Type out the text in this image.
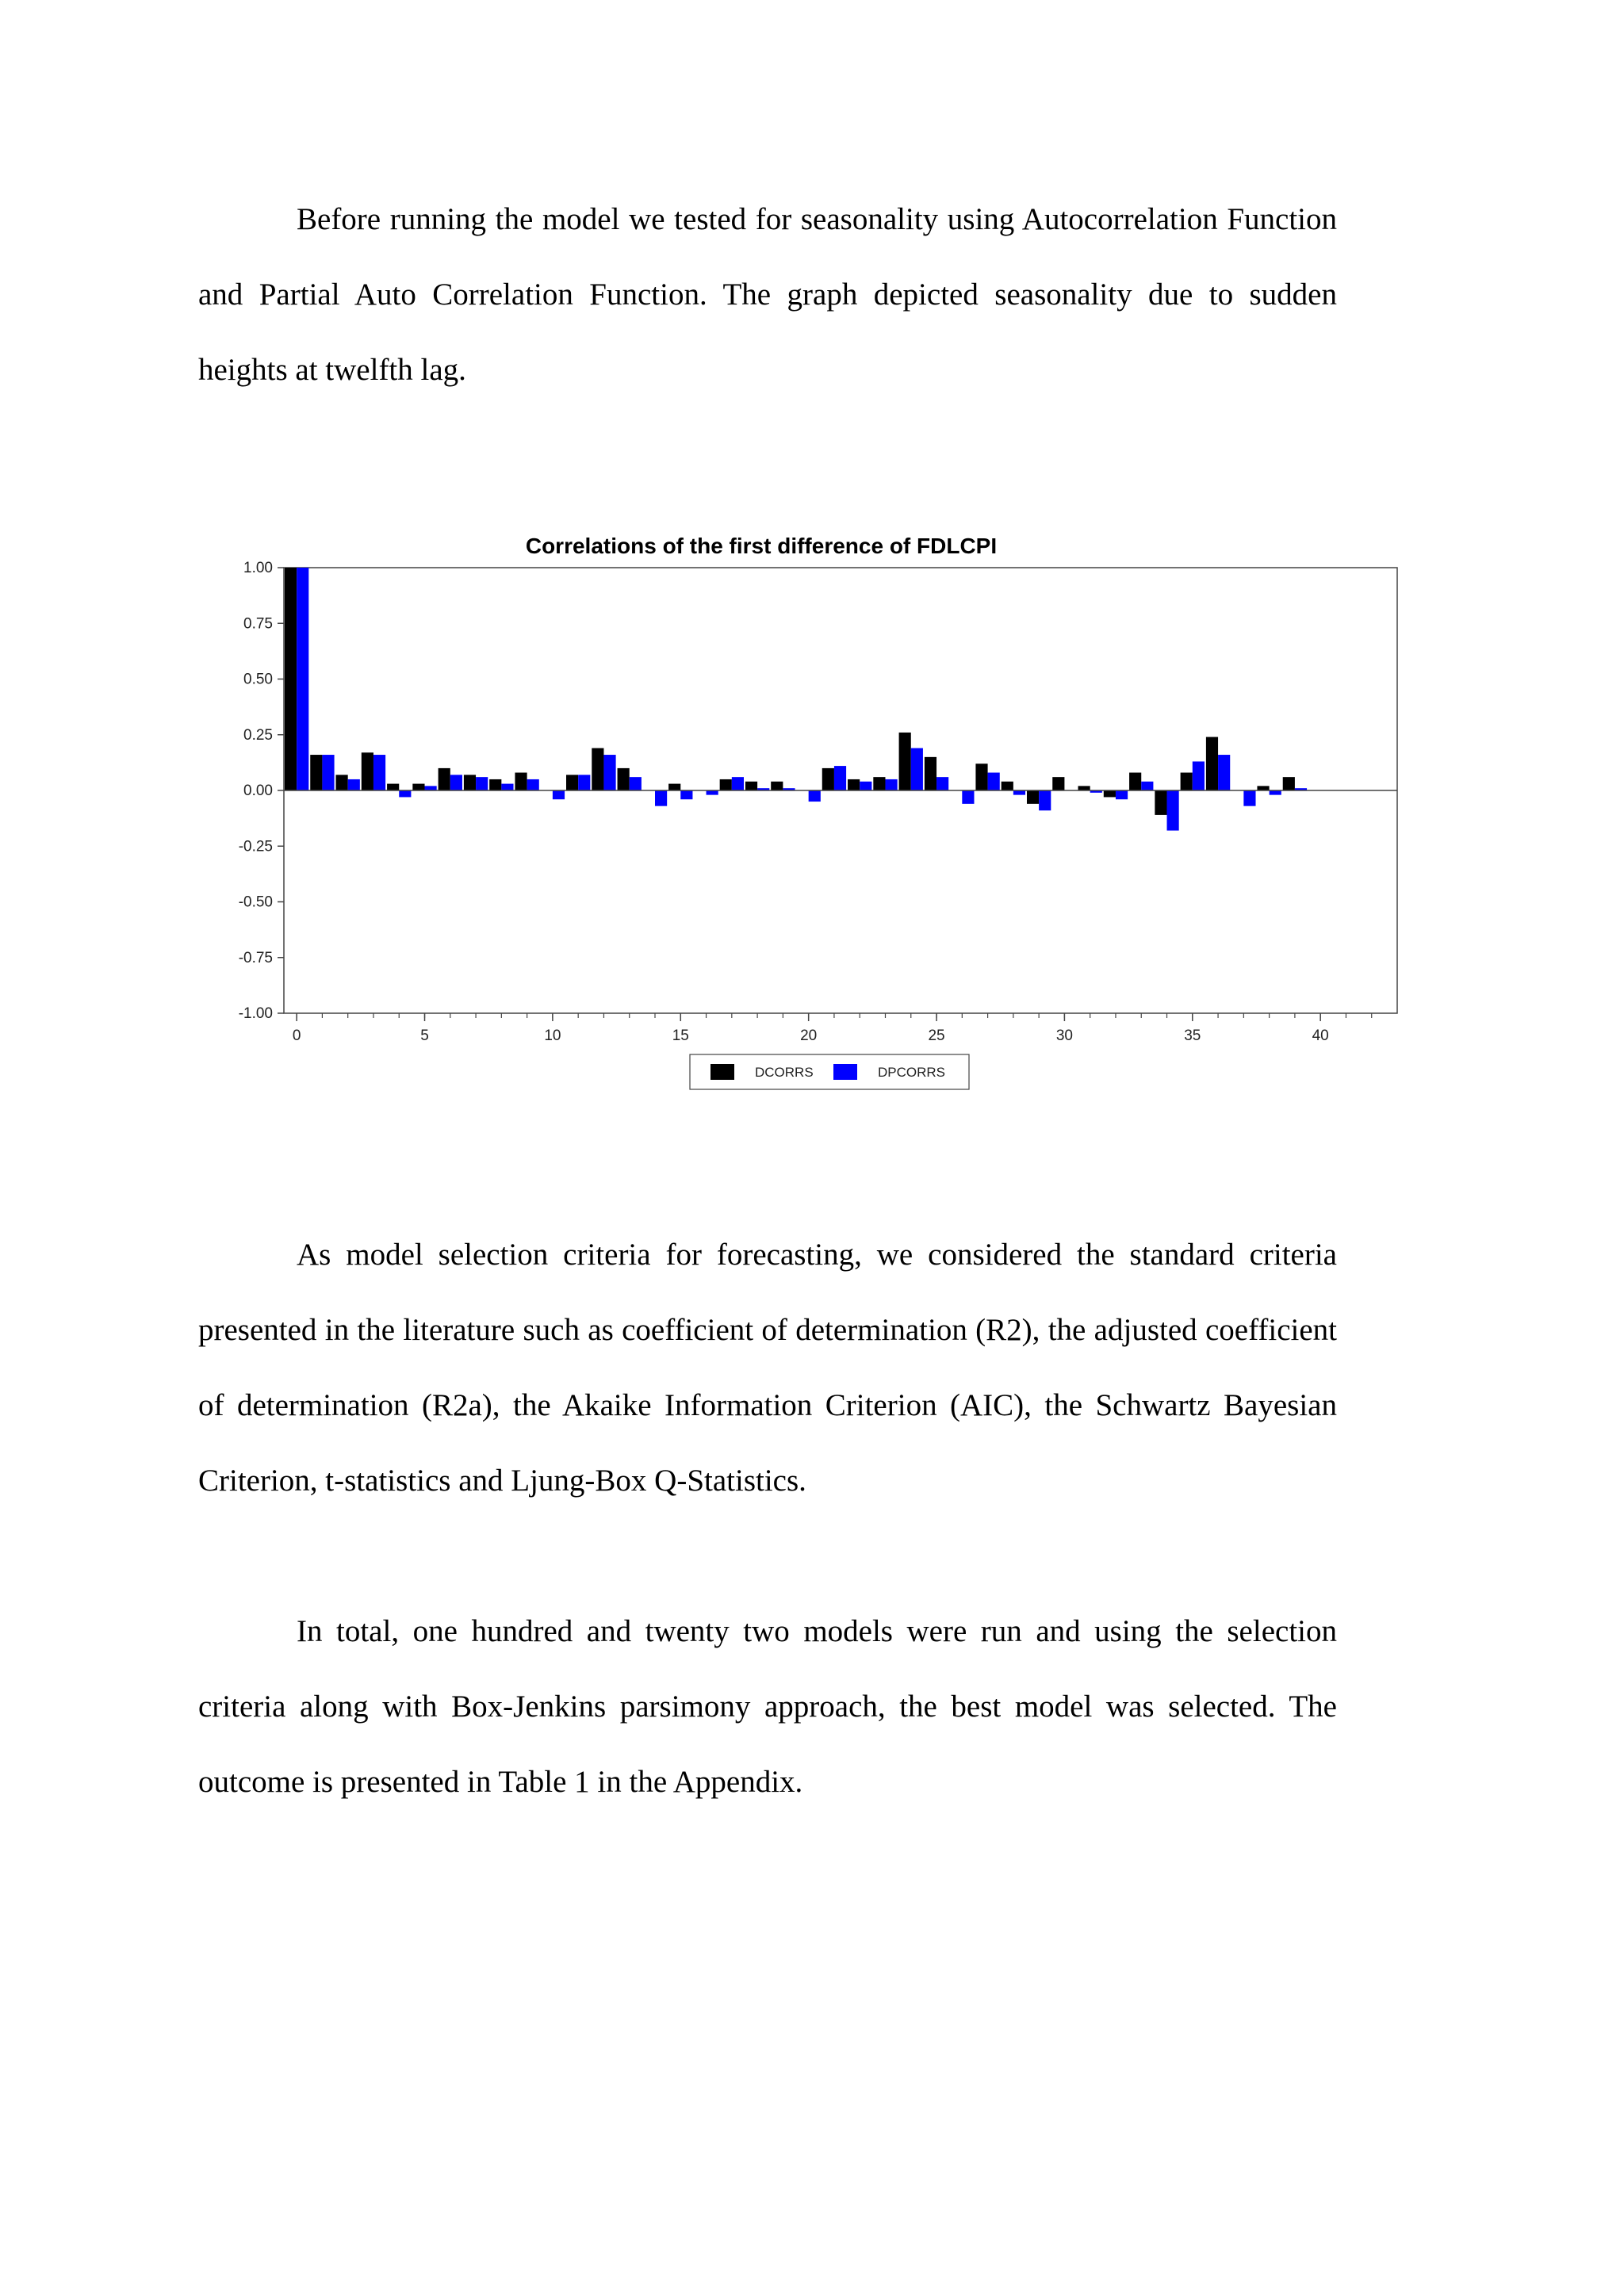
Before running the model we tested for seasonality using Autocorrelation Function and Partial Auto Correlation Function. The graph depicted seasonality due to sudden heights at twelfth lag.

Correlations of the first difference of FDLCPI
1.00
0.75
0.50
0.25
0.00
-0.25
-0.50
-0.75
-1.00
0	5	10	15	20	25	30	35	40
DCORRS	DPCORRS

As model selection criteria for forecasting, we considered the standard criteria presented in the literature such as coefficient of determination (R2), the adjusted coefficient of determination (R2a), the Akaike Information Criterion (AIC), the Schwartz Bayesian Criterion, t-statistics and Ljung-Box Q-Statistics.

In total, one hundred and twenty two models were run and using the selection criteria along with Box-Jenkins parsimony approach, the best model was selected. The outcome is presented in Table 1 in the Appendix.
